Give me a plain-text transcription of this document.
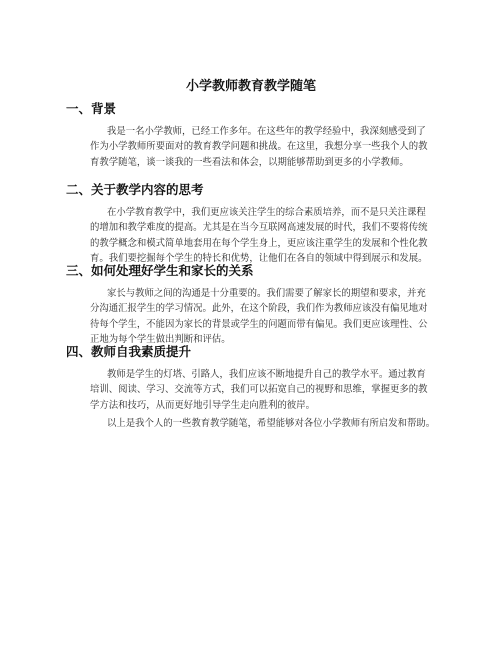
小学教师教育教学随笔
一、背景
我是一名小学教师，已经工作多年。在这些年的教学经验中，我深刻感受到了
作为小学教师所要面对的教育教学问题和挑战。在这里，我想分享一些我个人的教
育教学随笔，谈一谈我的一些看法和体会，以期能够帮助到更多的小学教师。
二、关于教学内容的思考
在小学教育教学中，我们更应该关注学生的综合素质培养，而不是只关注课程
的增加和教学难度的提高。尤其是在当今互联网高速发展的时代，我们不要将传统
的教学概念和模式简单地套用在每个学生身上，更应该注重学生的发展和个性化教
育。我们要挖掘每个学生的特长和优势，让他们在各自的领域中得到展示和发展。
三、如何处理好学生和家长的关系
家长与教师之间的沟通是十分重要的。我们需要了解家长的期望和要求，并充
分沟通汇报学生的学习情况。此外，在这个阶段，我们作为教师应该没有偏见地对
待每个学生，不能因为家长的背景或学生的问题而带有偏见。我们更应该理性、公
正地为每个学生做出判断和评估。
四、教师自我素质提升
教师是学生的灯塔、引路人，我们应该不断地提升自己的教学水平。通过教育
培训、阅读、学习、交流等方式，我们可以拓宽自己的视野和思维，掌握更多的教
学方法和技巧，从而更好地引导学生走向胜利的彼岸。

以上是我个人的一些教育教学随笔，希望能够对各位小学教师有所启发和帮助。
